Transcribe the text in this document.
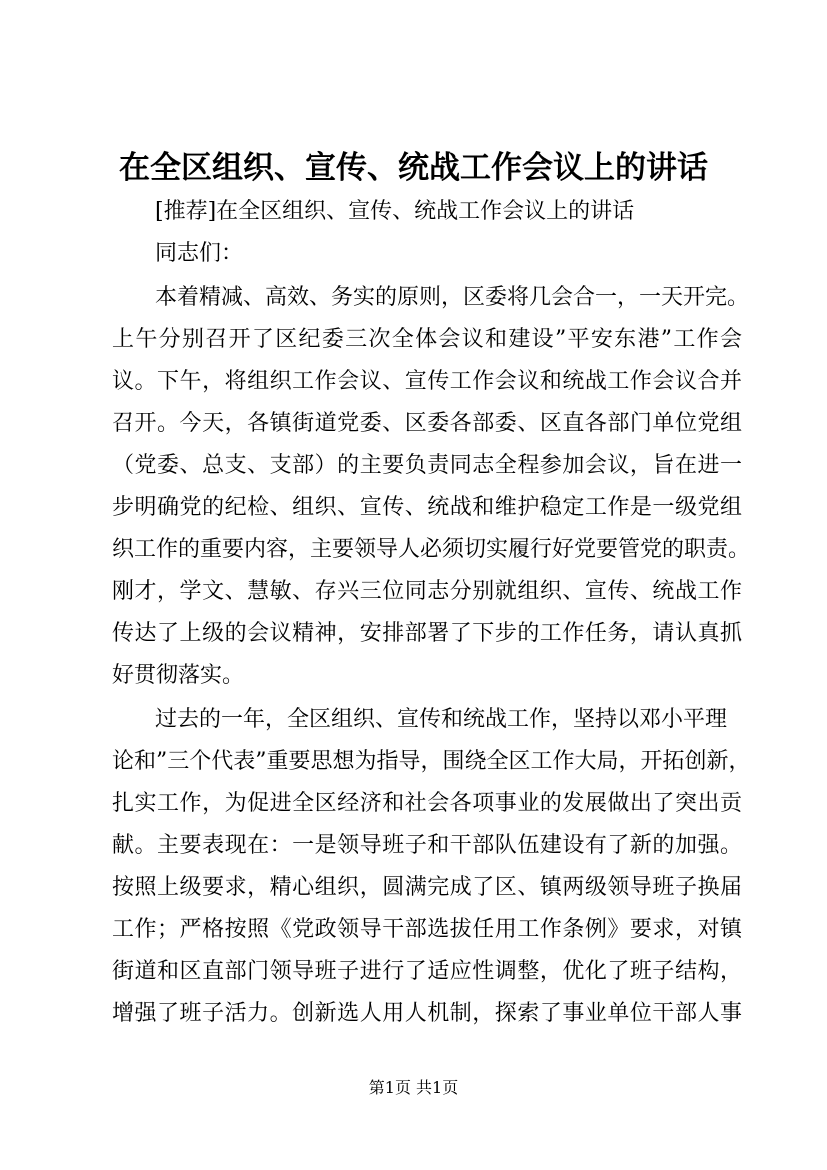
在全区组织、宣传、统战工作会议上的讲话
[推荐]在全区组织、宣传、统战工作会议上的讲话
同志们：
本着精减、高效、务实的原则，区委将几会合一，一天开完。
上午分别召开了区纪委三次全体会议和建设”平安东港”工作会
议。下午，将组织工作会议、宣传工作会议和统战工作会议合并
召开。今天，各镇街道党委、区委各部委、区直各部门单位党组
（党委、总支、支部）的主要负责同志全程参加会议，旨在进一
步明确党的纪检、组织、宣传、统战和维护稳定工作是一级党组
织工作的重要内容，主要领导人必须切实履行好党要管党的职责。
刚才，学文、慧敏、存兴三位同志分别就组织、宣传、统战工作
传达了上级的会议精神，安排部署了下步的工作任务，请认真抓
好贯彻落实。
过去的一年，全区组织、宣传和统战工作，坚持以邓小平理
论和”三个代表”重要思想为指导，围绕全区工作大局，开拓创新，
扎实工作，为促进全区经济和社会各项事业的发展做出了突出贡
献。主要表现在：一是领导班子和干部队伍建设有了新的加强。
按照上级要求，精心组织，圆满完成了区、镇两级领导班子换届
工作；严格按照《党政领导干部选拔任用工作条例》要求，对镇
街道和区直部门领导班子进行了适应性调整，优化了班子结构，
增强了班子活力。创新选人用人机制，探索了事业单位干部人事
第1页 共1页
